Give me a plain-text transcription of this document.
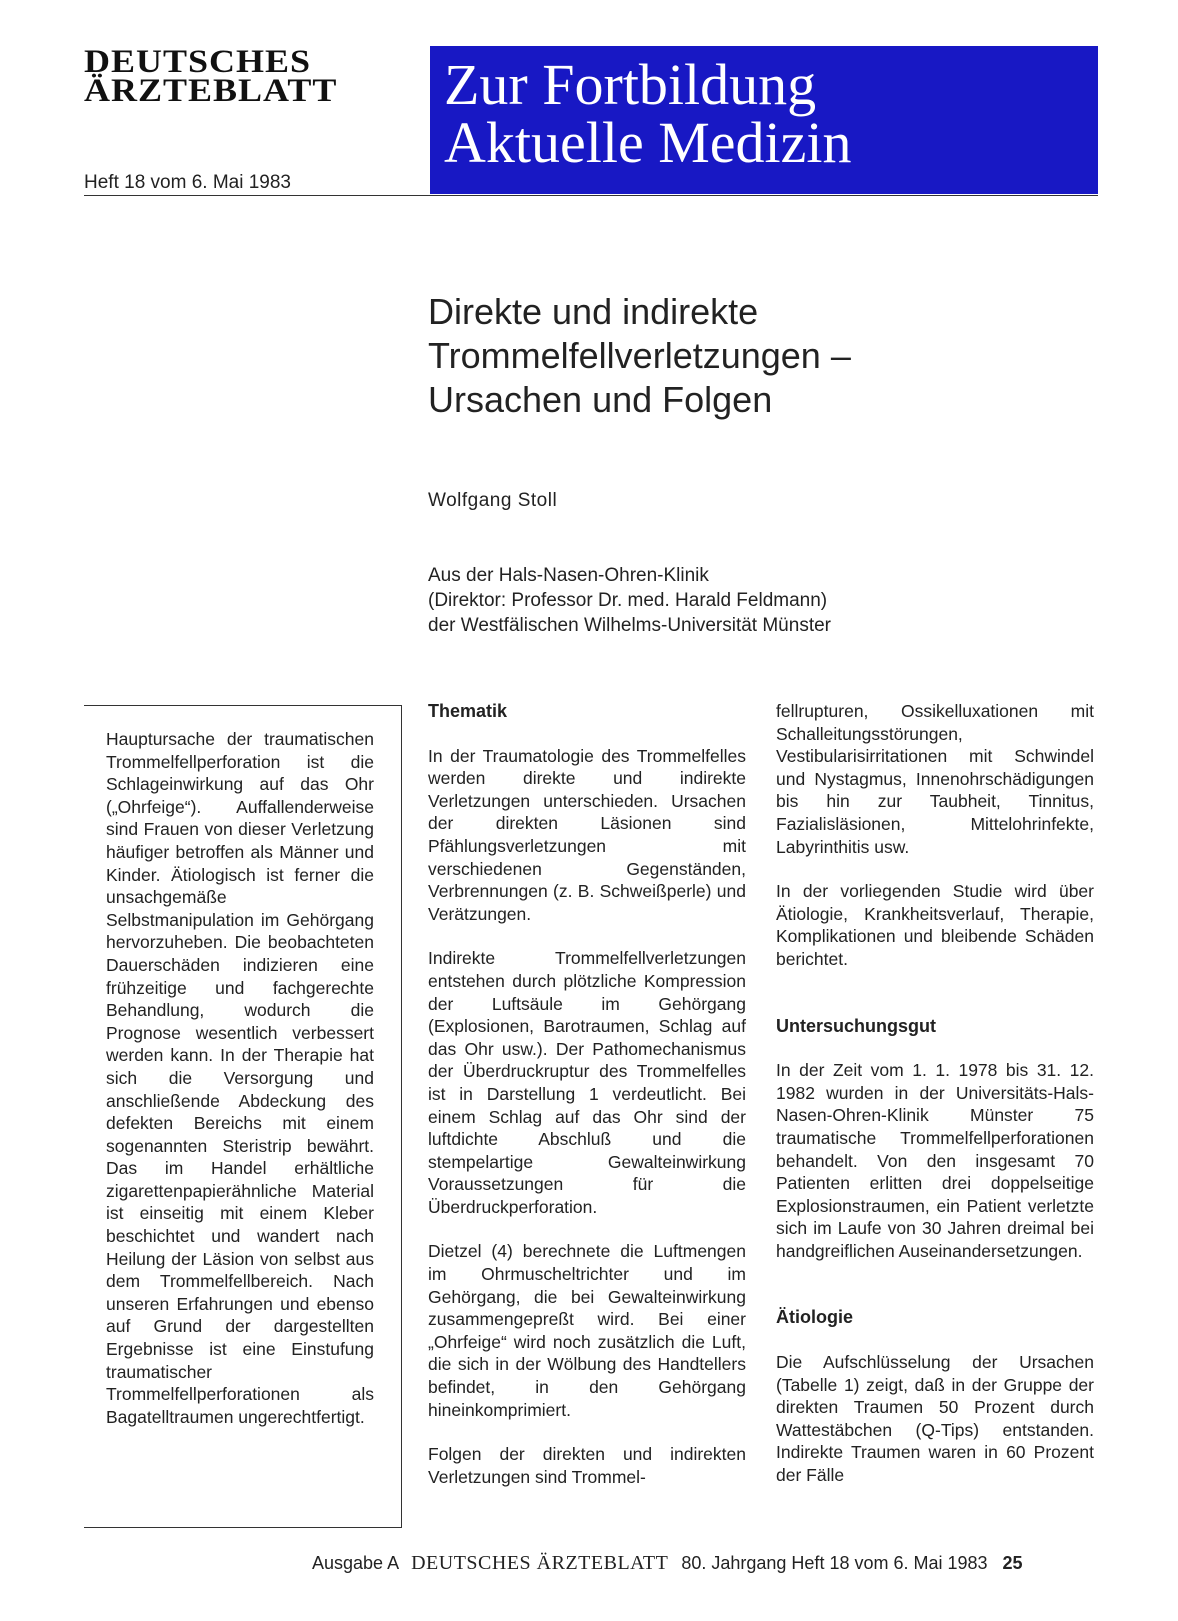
DEUTSCHES ÄRZTEBLATT
Heft 18 vom 6. Mai 1983
Zur Fortbildung
Aktuelle Medizin
Direkte und indirekte
Trommelfellverletzungen –
Ursachen und Folgen
Wolfgang Stoll
Aus der Hals-Nasen-Ohren-Klinik
(Direktor: Professor Dr. med. Harald Feldmann)
der Westfälischen Wilhelms-Universität Münster
Hauptursache der traumatischen Trommelfellperforation ist die Schlageinwirkung auf das Ohr („Ohrfeige“). Auffallenderweise sind Frauen von dieser Verletzung häufiger betroffen als Männer und Kinder. Ätiologisch ist ferner die unsachgemäße Selbstmanipulation im Gehörgang hervorzuheben. Die beobachteten Dauerschäden indizieren eine frühzeitige und fachgerechte Behandlung, wodurch die Prognose wesentlich verbessert werden kann. In der Therapie hat sich die Versorgung und anschließende Abdeckung des defekten Bereichs mit einem sogenannten Steristrip bewährt. Das im Handel erhältliche zigarettenpapierähnliche Material ist einseitig mit einem Kleber beschichtet und wandert nach Heilung der Läsion von selbst aus dem Trommelfellbereich. Nach unseren Erfahrungen und ebenso auf Grund der dargestellten Ergebnisse ist eine Einstufung traumatischer Trommelfellperforationen als Bagatelltraumen ungerechtfertigt.
Thematik

In der Traumatologie des Trommelfelles werden direkte und indirekte Verletzungen unterschieden. Ursachen der direkten Läsionen sind Pfählungsverletzungen mit verschiedenen Gegenständen, Verbrennungen (z. B. Schweißperle) und Verätzungen.

Indirekte Trommelfellverletzungen entstehen durch plötzliche Kompression der Luftsäule im Gehörgang (Explosionen, Barotraumen, Schlag auf das Ohr usw.). Der Pathomechanismus der Überdruckruptur des Trommelfelles ist in Darstellung 1 verdeutlicht. Bei einem Schlag auf das Ohr sind der luftdichte Abschluß und die stempelartige Gewalteinwirkung Voraussetzungen für die Überdruckperforation.

Dietzel (4) berechnete die Luftmengen im Ohrmuscheltrichter und im Gehörgang, die bei Gewalteinwirkung zusammengepreßt wird. Bei einer „Ohrfeige“ wird noch zusätzlich die Luft, die sich in der Wölbung des Handtellers befindet, in den Gehörgang hineinkomprimiert.

Folgen der direkten und indirekten Verletzungen sind Trommel-

fellrupturen, Ossikelluxationen mit Schalleitungsstörungen, Vestibularisirritationen mit Schwindel und Nystagmus, Innenohrschädigungen bis hin zur Taubheit, Tinnitus, Fazialisläsionen, Mittelohrinfekte, Labyrinthitis usw.

In der vorliegenden Studie wird über Ätiologie, Krankheitsverlauf, Therapie, Komplikationen und bleibende Schäden berichtet.

Untersuchungsgut

In der Zeit vom 1. 1. 1978 bis 31. 12. 1982 wurden in der Universitäts-Hals-Nasen-Ohren-Klinik Münster 75 traumatische Trommelfellperforationen behandelt. Von den insgesamt 70 Patienten erlitten drei doppelseitige Explosionstraumen, ein Patient verletzte sich im Laufe von 30 Jahren dreimal bei handgreiflichen Auseinandersetzungen.

Ätiologie

Die Aufschlüsselung der Ursachen (Tabelle 1) zeigt, daß in der Gruppe der direkten Traumen 50 Prozent durch Wattestäbchen (Q-Tips) entstanden. Indirekte Traumen waren in 60 Prozent der Fälle

Ausgabe A DEUTSCHES ÄRZTEBLATT 80. Jahrgang Heft 18 vom 6. Mai 1983 25
